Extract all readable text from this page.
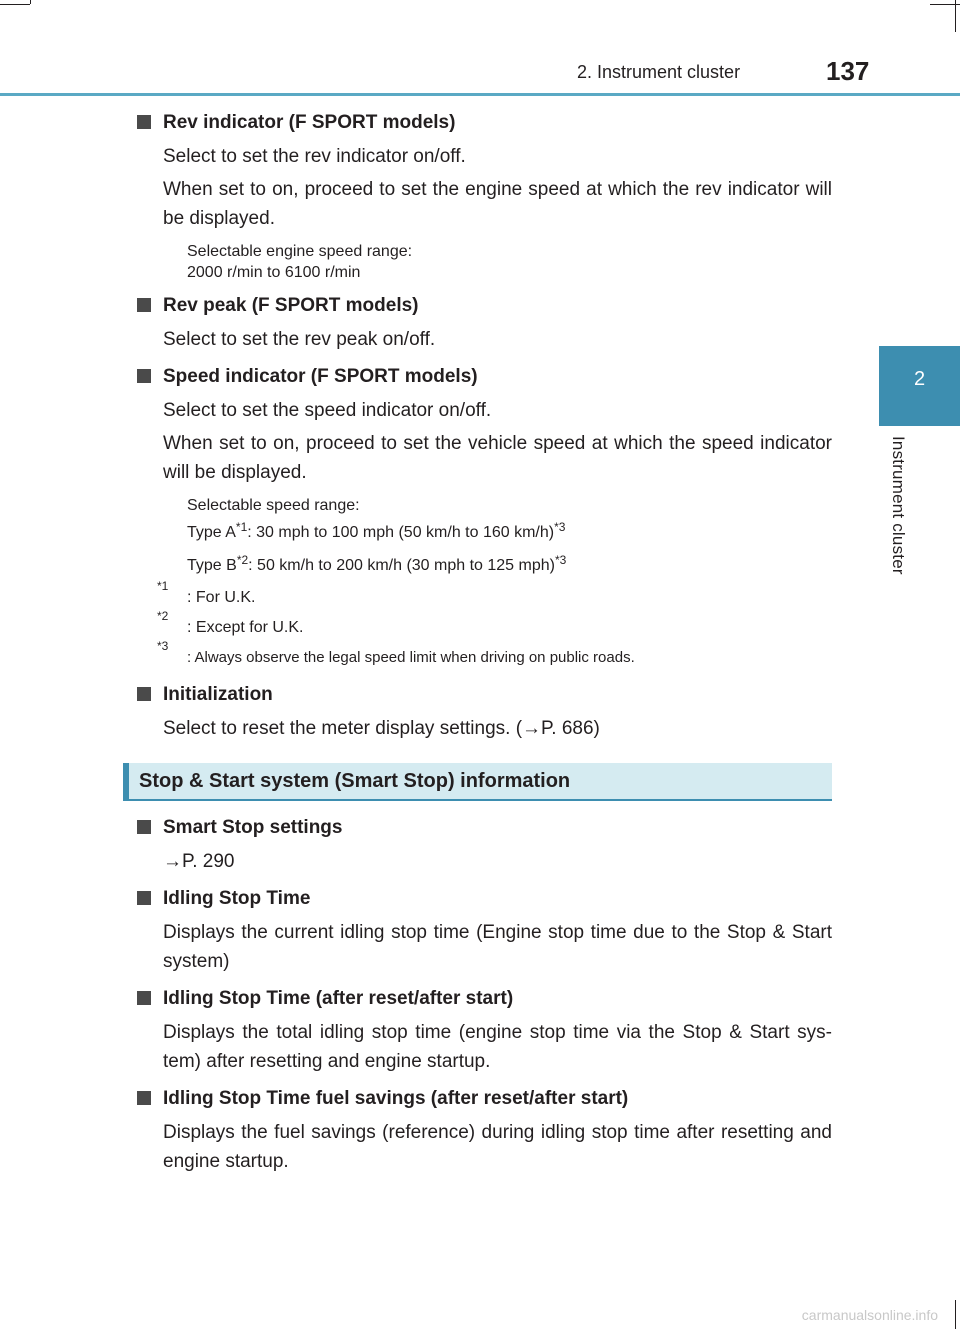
2. Instrument cluster	137
2
Instrument cluster
Rev indicator (F SPORT models)
Select to set the rev indicator on/off.
When set to on, proceed to set the engine speed at which the rev indicator will be displayed.
Selectable engine speed range:
2000 r/min to 6100 r/min
Rev peak (F SPORT models)
Select to set the rev peak on/off.
Speed indicator (F SPORT models)
Select to set the speed indicator on/off.
When set to on, proceed to set the vehicle speed at which the speed indicator will be displayed.
Selectable speed range:
Type $A^{*1}$: 30 mph to 100 mph (50 km/h to 160 km/h)$^{*3}$
Type $B^{*2}$: 50 km/h to 200 km/h (30 mph to 125 mph)$^{*3}$
*1
: For U.K.
*2
: Except for U.K.
*3
: Always observe the legal speed limit when driving on public roads.
Initialization
Select to reset the meter display settings. (→P. 686)
Stop & Start system (Smart Stop) information
Smart Stop settings
→P. 290
Idling Stop Time
Displays the current idling stop time (Engine stop time due to the Stop & Start system)
Idling Stop Time (after reset/after start)
Displays the total idling stop time (engine stop time via the Stop & Start sys-tem) after resetting and engine startup.
Idling Stop Time fuel savings (after reset/after start)
Displays the fuel savings (reference) during idling stop time after resetting and engine startup.
carmanualsonline.info
